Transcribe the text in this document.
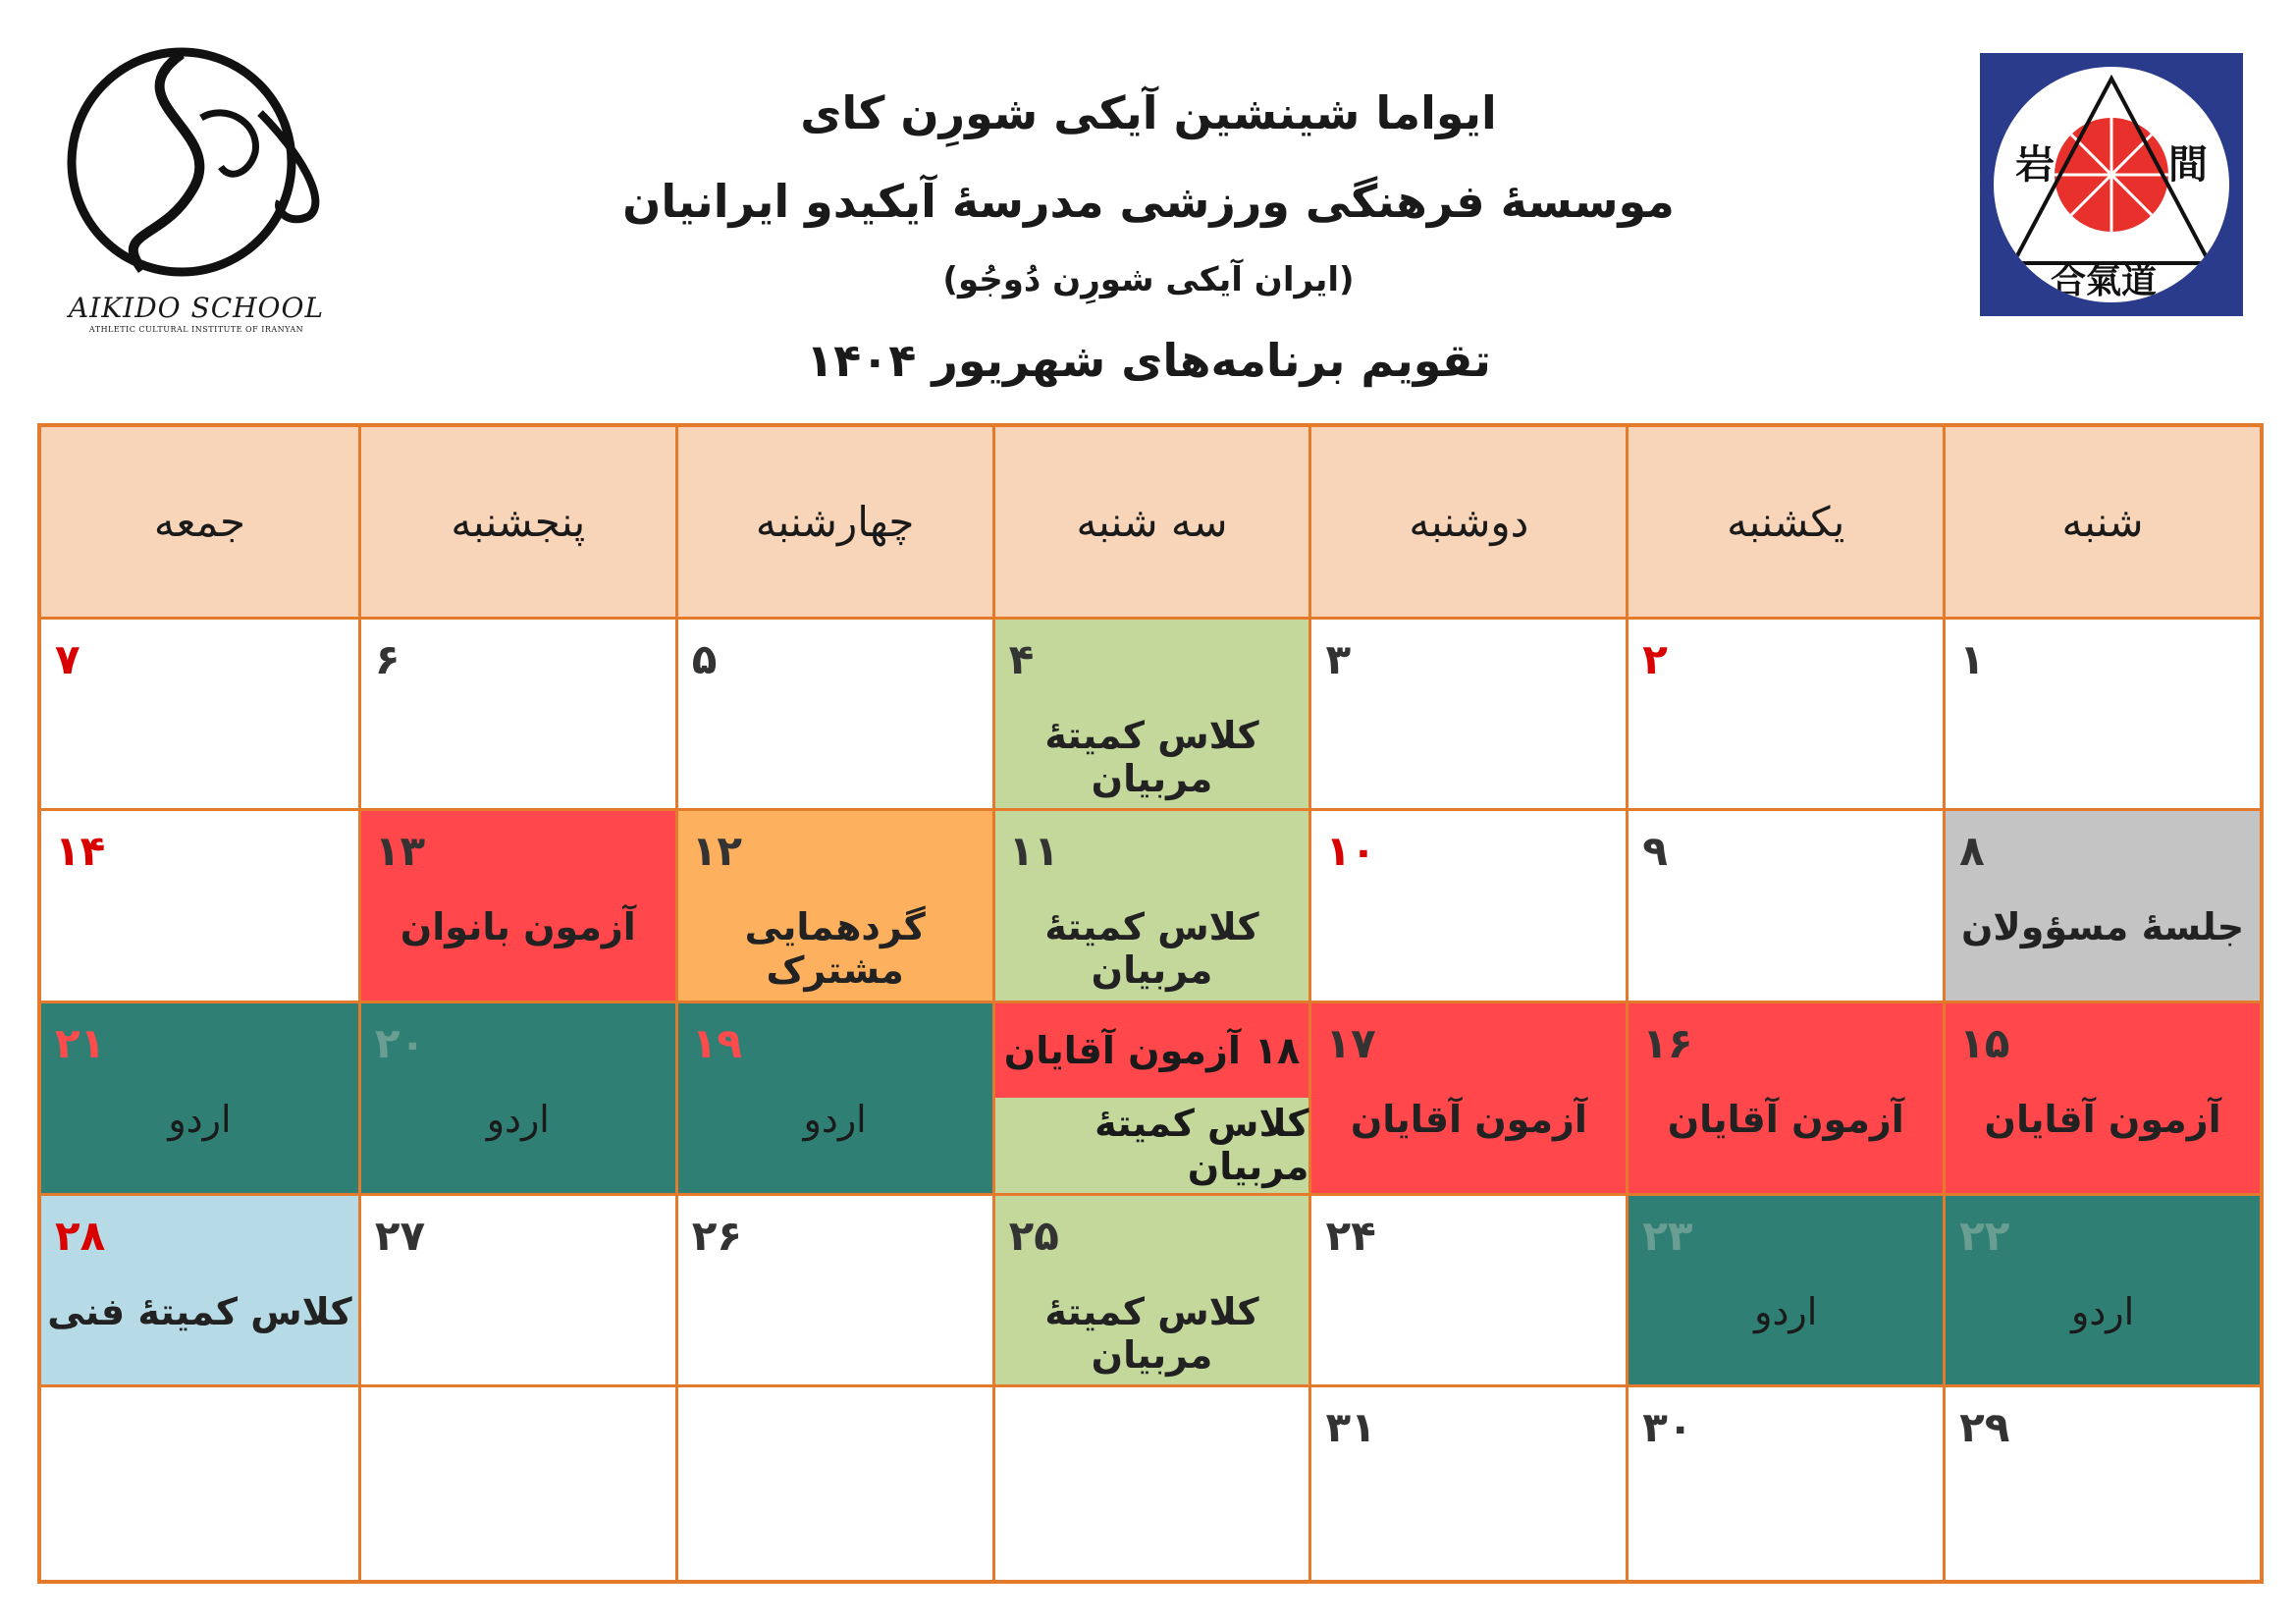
AIKIDO SCHOOL
ATHLETIC CULTURAL INSTITUTE OF IRANYAN
ایواما شینشین آیکی شورِن کای
موسسۀ فرهنگی ورزشی مدرسۀ آیکیدو ایرانیان
(ایران آیکی شورِن دُوجُو)
岩	間
合氣道
تقویم برنامه‌های شهریور ۱۴۰۴
شنبه
یکشنبه
دوشنبه
سه شنبه
چهارشنبه
پنجشنبه
جمعه
۱
۲
۳
۴
کلاس کمیتۀ مربیان
۵
۶
۷
۸
جلسۀ مسؤولان
۹
۱۰
۱۱
کلاس کمیتۀ مربیان
۱۲
گردهمایی مشترک
۱۳
آزمون بانوان
۱۴
۱۵
آزمون آقایان
۱۶
آزمون آقایان
۱۷
آزمون آقایان
۱۸
آزمون آقایان
کلاس کمیتۀ مربیان
۱۹
اردو
۲۰
اردو
۲۱
اردو
۲۲
اردو
۲۳
اردو
۲۴
۲۵
کلاس کمیتۀ مربیان
۲۶
۲۷
۲۸
کلاس کمیتۀ فنی
۲۹
۳۰
۳۱
